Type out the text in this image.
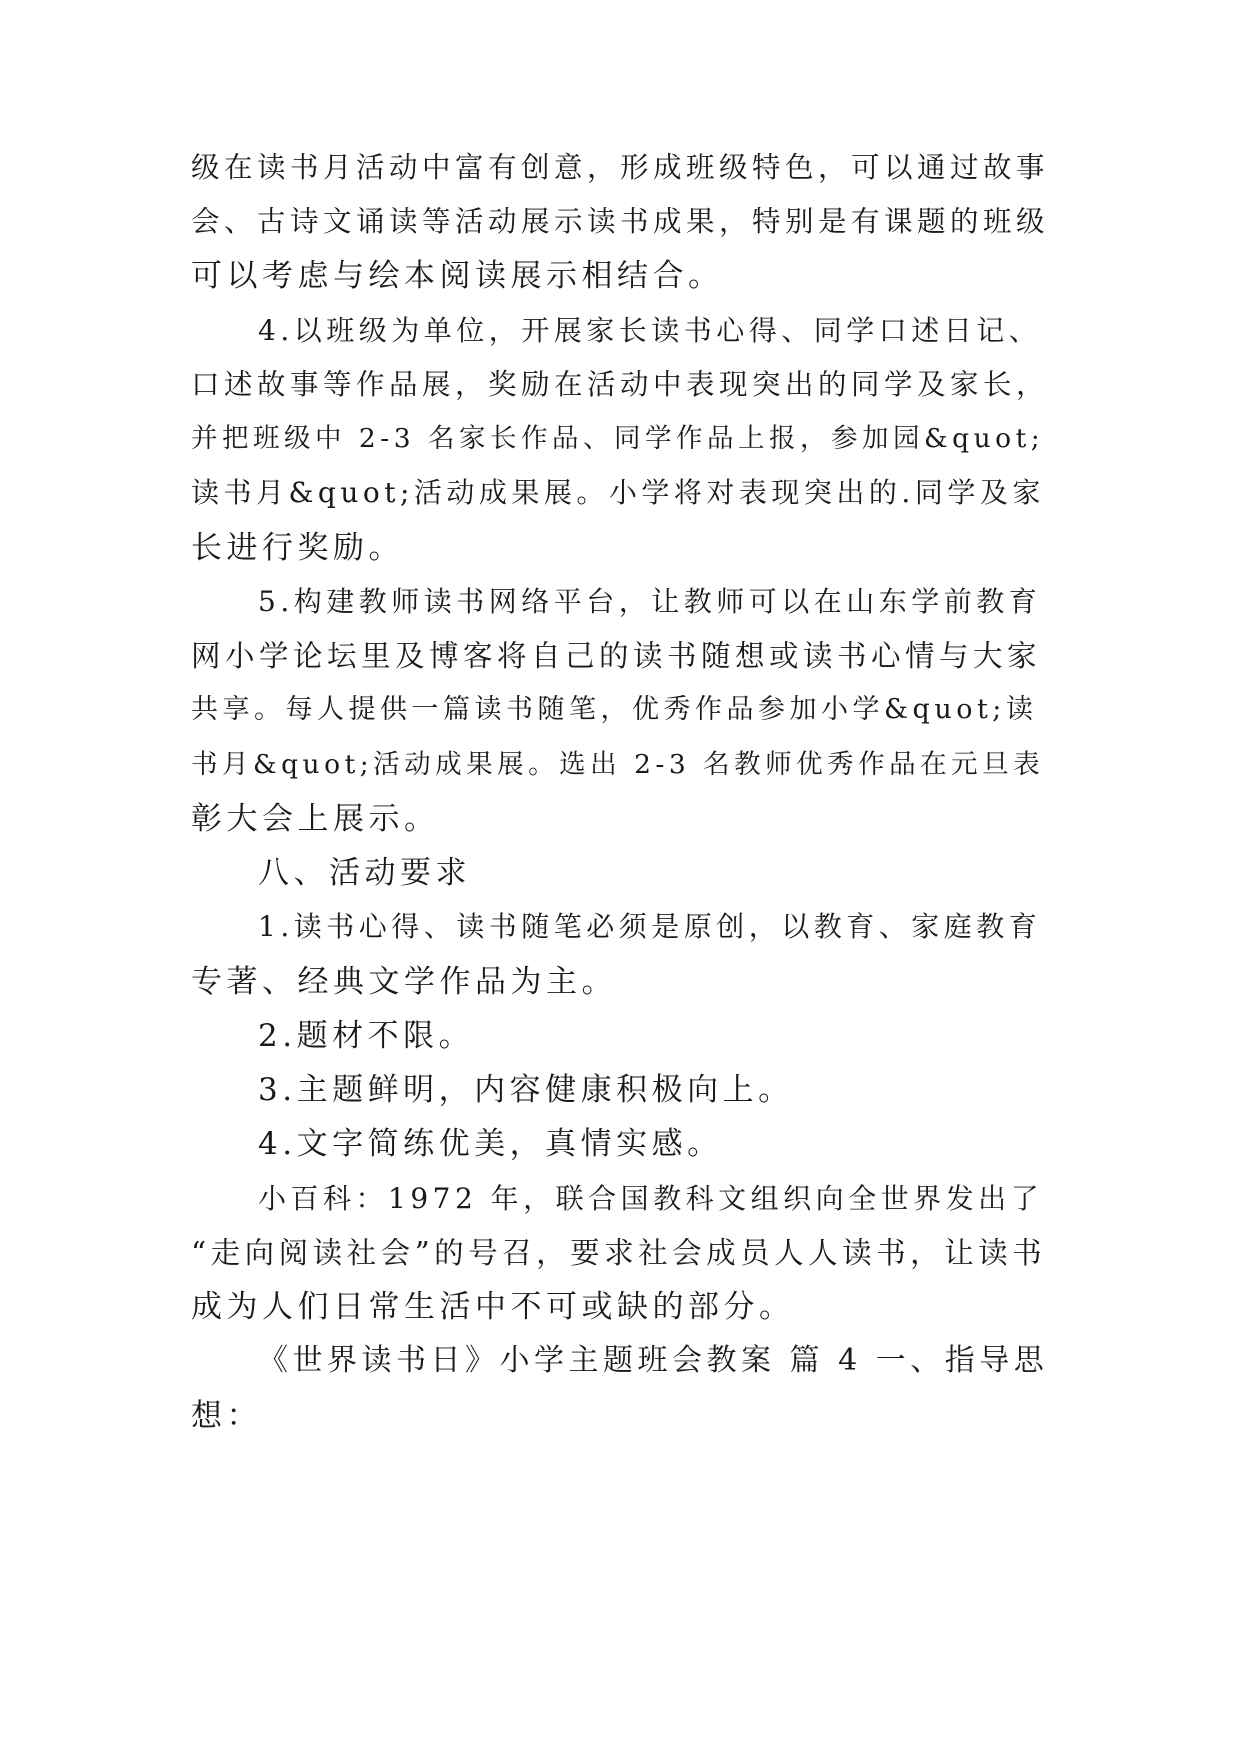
级在读书月活动中富有创意，形成班级特色，可以通过故事
会、古诗文诵读等活动展示读书成果，特别是有课题的班级
可以考虑与绘本阅读展示相结合。
4.以班级为单位，开展家长读书心得、同学口述日记、
口述故事等作品展，奖励在活动中表现突出的同学及家长，
并把班级中 2-3 名家长作品、同学作品上报，参加园&quot;
读书月&quot;活动成果展。小学将对表现突出的.同学及家
长进行奖励。
5.构建教师读书网络平台，让教师可以在山东学前教育
网小学论坛里及博客将自己的读书随想或读书心情与大家
共享。每人提供一篇读书随笔，优秀作品参加小学&quot;读
书月&quot;活动成果展。选出 2-3 名教师优秀作品在元旦表
彰大会上展示。
八、活动要求
1.读书心得、读书随笔必须是原创，以教育、家庭教育
专著、经典文学作品为主。
2.题材不限。
3.主题鲜明，内容健康积极向上。
4.文字简练优美，真情实感。
小百科：1972 年，联合国教科文组织向全世界发出了
“走向阅读社会”的号召，要求社会成员人人读书，让读书
成为人们日常生活中不可或缺的部分。
《世界读书日》小学主题班会教案 篇 4 一、指导思
想：
